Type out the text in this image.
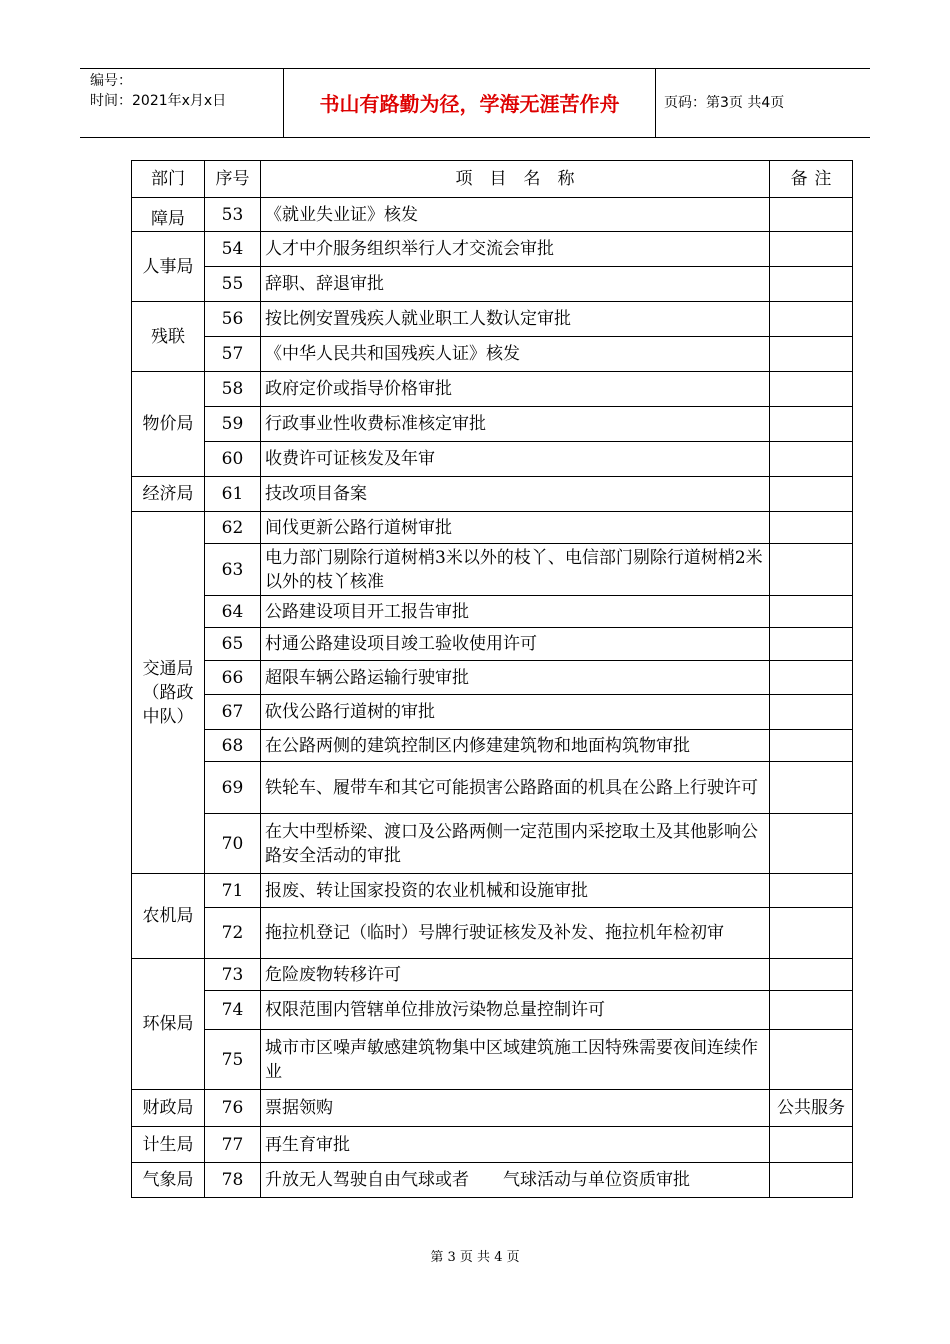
编号：
时间：2021年x月x日	书山有路勤为径，学海无涯苦作舟	页码：第3页 共4页
部门	序号	项　目　名　称	备注

障局	53	《就业失业证》核发	

人事局	54	人才中介服务组织举行人才交流会审批	
	55	辞职、辞退审批	

残联	56	按比例安置残疾人就业职工人数认定审批	
	57	《中华人民共和国残疾人证》核发	

物价局	58	政府定价或指导价格审批	
	59	行政事业性收费标准核定审批	
	60	收费许可证核发及年审	

经济局	61	技改项目备案	

交通局
（路政
中队）	62	间伐更新公路行道树审批	
	63	电力部门剔除行道树梢3米以外的枝丫、电信部门剔除行道树梢2米以外的枝丫核准	
	64	公路建设项目开工报告审批	
	65	村通公路建设项目竣工验收使用许可	
	66	超限车辆公路运输行驶审批	
	67	砍伐公路行道树的审批	
	68	在公路两侧的建筑控制区内修建建筑物和地面构筑物审批	
	69	铁轮车、履带车和其它可能损害公路路面的机具在公路上行驶许可	
	70	在大中型桥梁、渡口及公路两侧一定范围内采挖取土及其他影响公路安全活动的审批	

农机局	71	报废、转让国家投资的农业机械和设施审批	
	72	拖拉机登记（临时）号牌行驶证核发及补发、拖拉机年检初审	

环保局	73	危险废物转移许可	
	74	权限范围内管辖单位排放污染物总量控制许可	
	75	城市市区噪声敏感建筑物集中区域建筑施工因特殊需要夜间连续作业	

财政局	76	票据领购	公共服务

计生局	77	再生育审批	

气象局	78	升放无人驾驶自由气球或者　　气球活动与单位资质审批	
第 3 页 共 4 页
